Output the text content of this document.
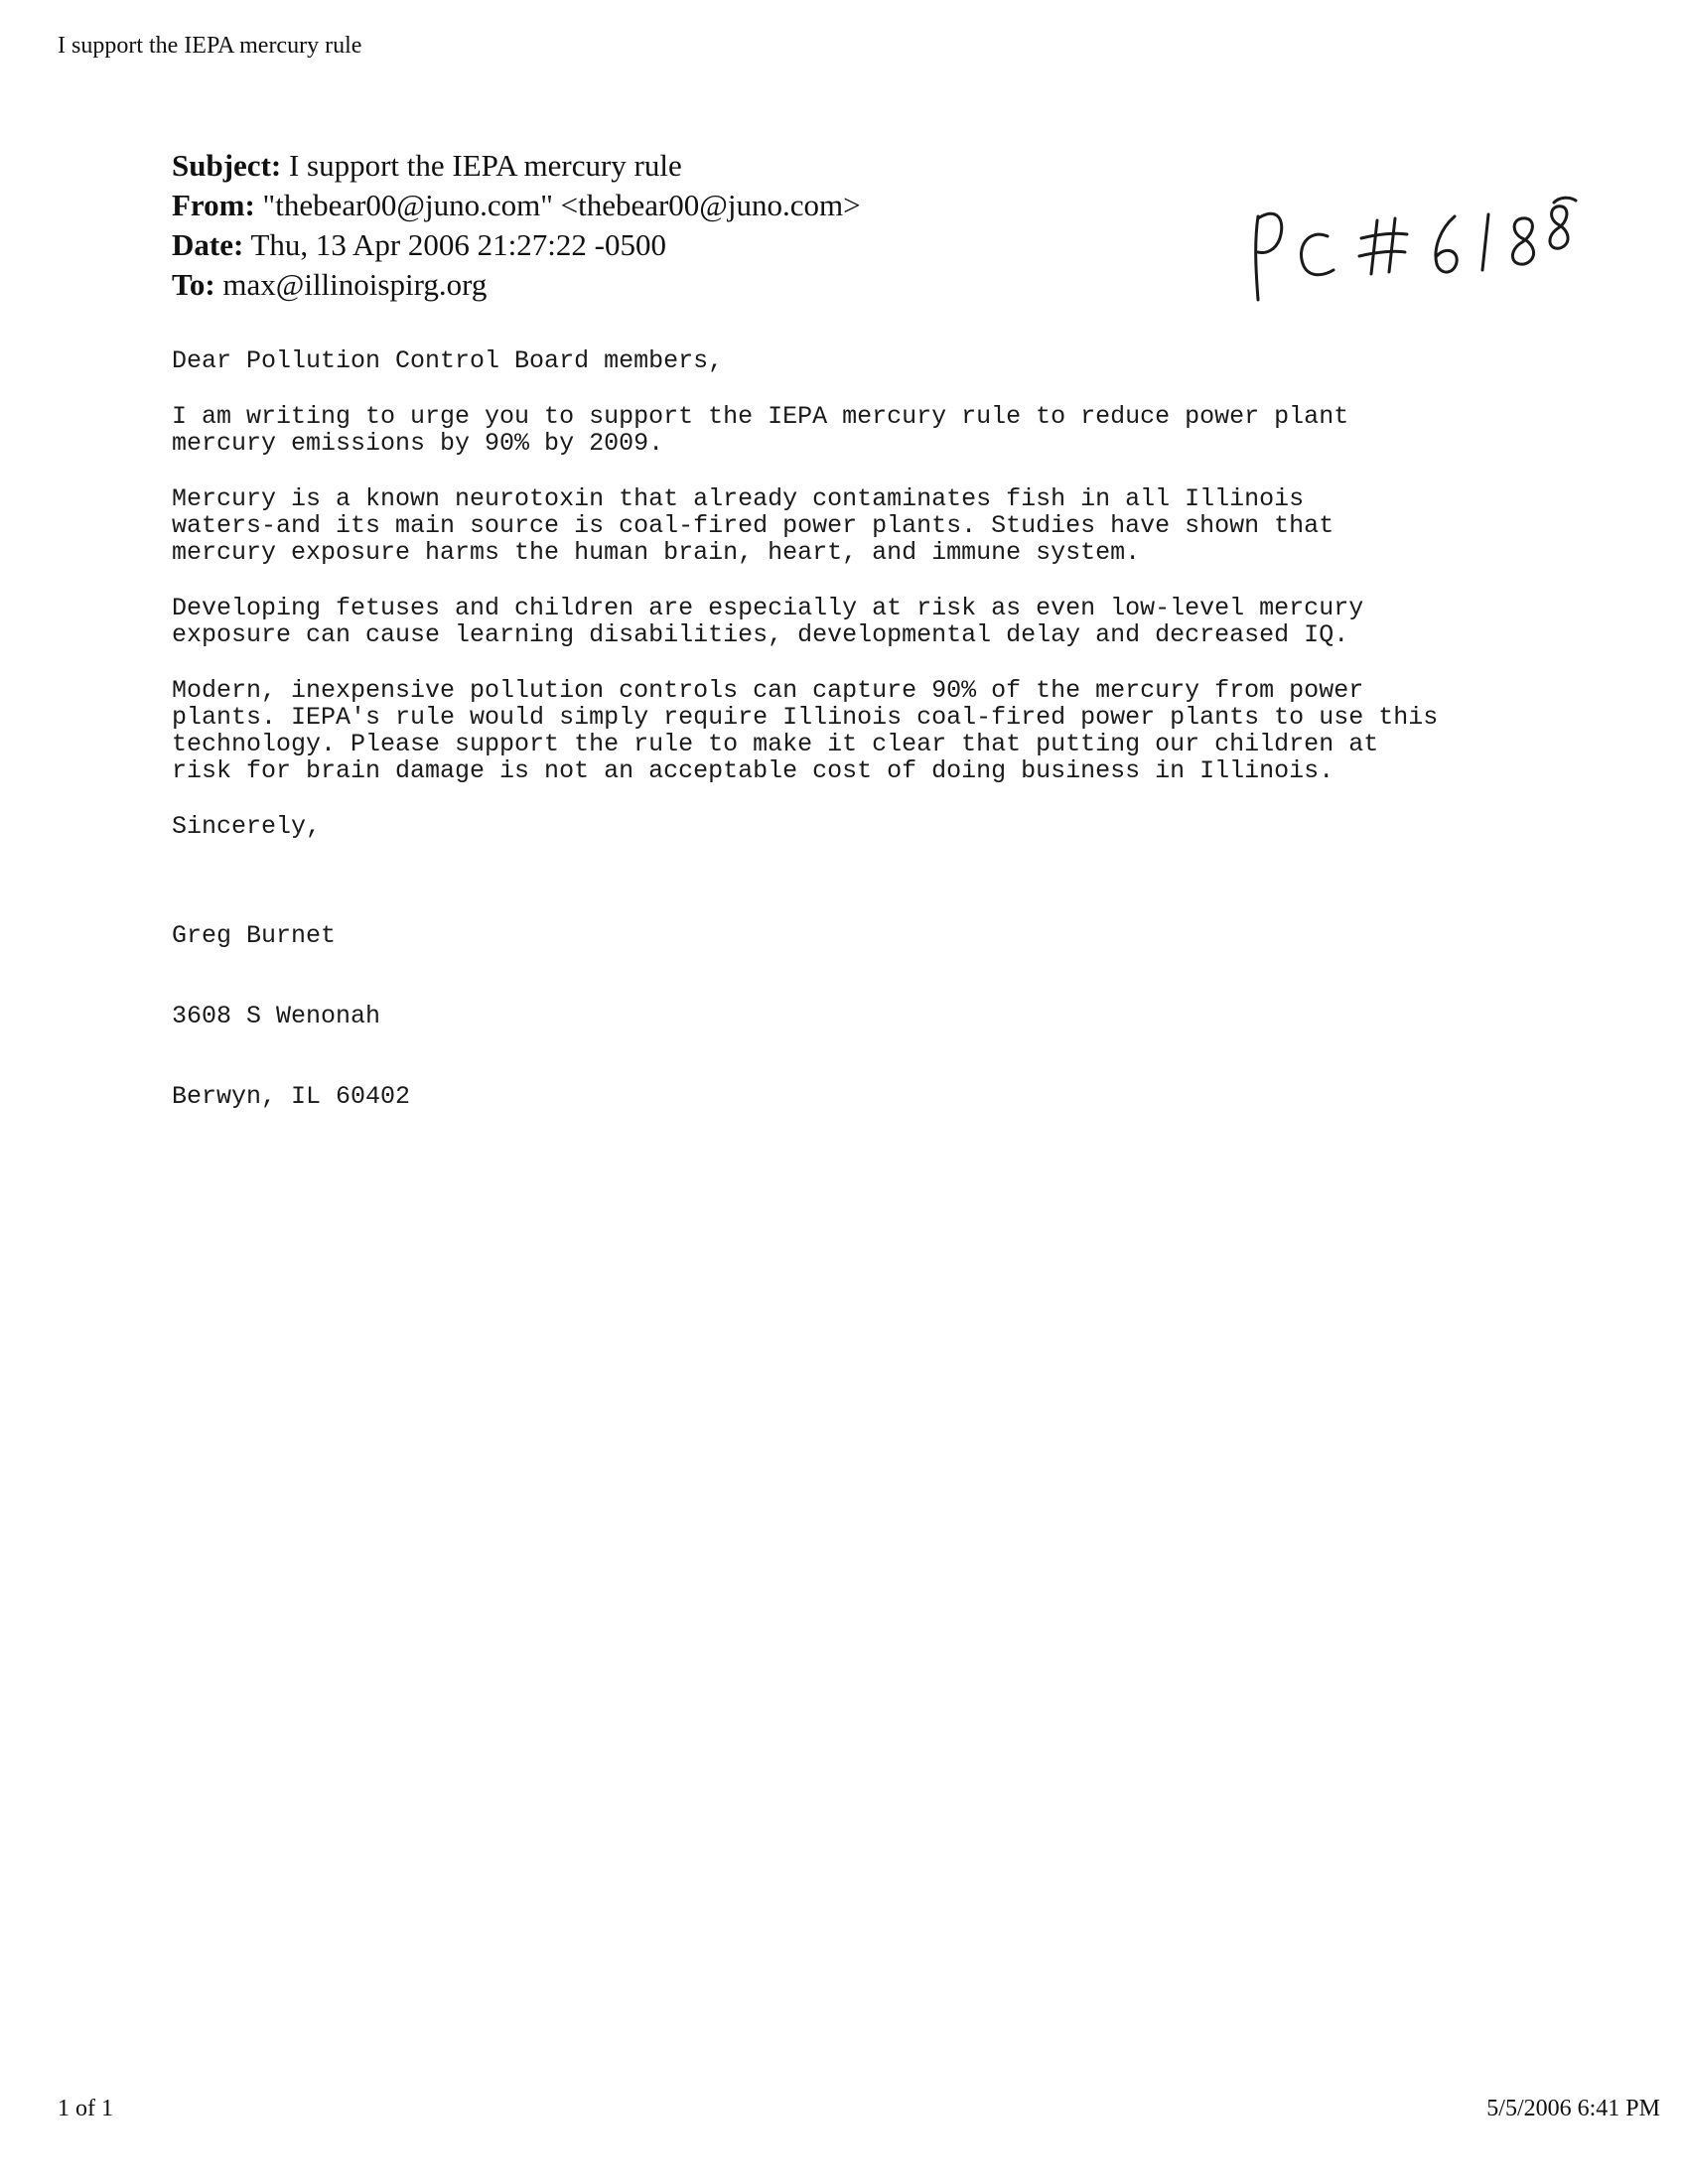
I support the IEPA mercury rule
Subject: I support the IEPA mercury rule
From: "thebear00@juno.com" <thebear00@juno.com>
Date: Thu, 13 Apr 2006 21:27:22 -0500
To: max@illinoispirg.org
Dear Pollution Control Board members,
I am writing to urge you to support the IEPA mercury rule to reduce power plant
mercury emissions by 90% by 2009.
Mercury is a known neurotoxin that already contaminates fish in all Illinois
waters-and its main source is coal-fired power plants. Studies have shown that
mercury exposure harms the human brain, heart, and immune system.
Developing fetuses and children are especially at risk as even low-level mercury
exposure can cause learning disabilities, developmental delay and decreased IQ.
Modern, inexpensive pollution controls can capture 90% of the mercury from power
plants. IEPA's rule would simply require Illinois coal-fired power plants to use this
technology. Please support the rule to make it clear that putting our children at
risk for brain damage is not an acceptable cost of doing business in Illinois.
Sincerely,

Greg Burnet

3608 S Wenonah

Berwyn, IL 60402

1 of 1	5/5/2006 6:41 PM
